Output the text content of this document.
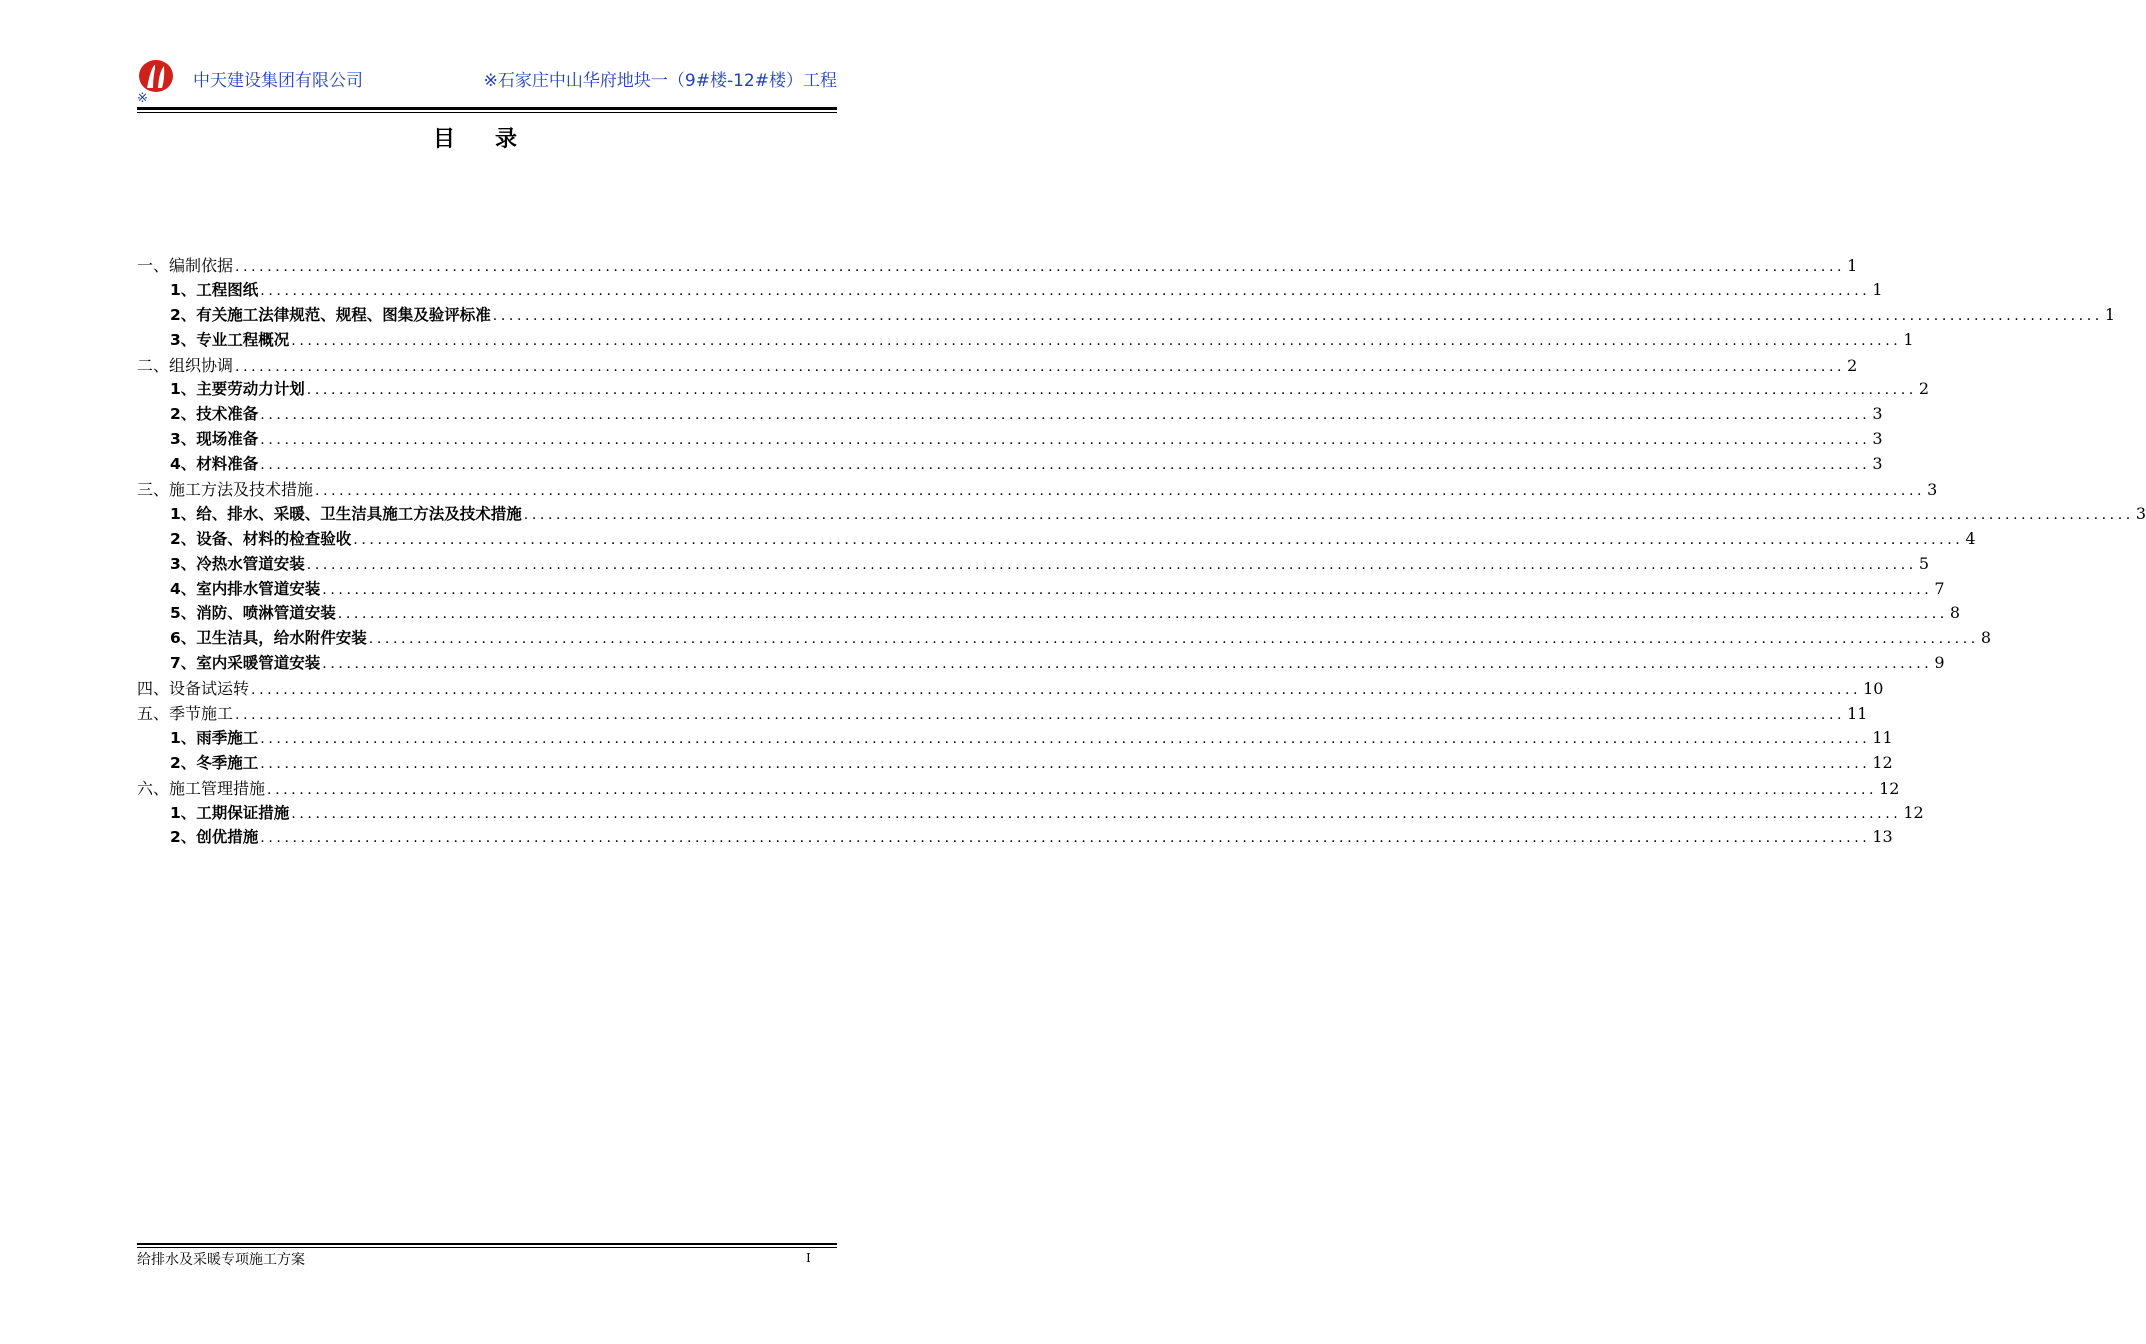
中天建设集团有限公司	※石家庄中山华府地块一（9#楼-12#楼）工程
※
目录
一、编制依据 ........................................................................................................................................................................................................ 1
1、工程图纸 ........................................................................................................................................................................................................ 1
2、有关施工法律规范、规程、图集及验评标准 ........................................................................................................................................................................................................ 1
3、专业工程概况 ........................................................................................................................................................................................................ 1
二、组织协调 ........................................................................................................................................................................................................ 2
1、主要劳动力计划 ........................................................................................................................................................................................................ 2
2、技术准备 ........................................................................................................................................................................................................ 3
3、现场准备 ........................................................................................................................................................................................................ 3
4、材料准备 ........................................................................................................................................................................................................ 3
三、施工方法及技术措施 ........................................................................................................................................................................................................ 3
1、给、排水、采暖、卫生洁具施工方法及技术措施 ........................................................................................................................................................................................................ 3
2、设备、材料的检查验收 ........................................................................................................................................................................................................ 4
3、冷热水管道安装 ........................................................................................................................................................................................................ 5
4、室内排水管道安装 ........................................................................................................................................................................................................ 7
5、消防、喷淋管道安装 ........................................................................................................................................................................................................ 8
6、卫生洁具，给水附件安装 ........................................................................................................................................................................................................ 8
7、室内采暖管道安装 ........................................................................................................................................................................................................ 9
四、设备试运转 ........................................................................................................................................................................................................ 10
五、季节施工 ........................................................................................................................................................................................................ 11
1、雨季施工 ........................................................................................................................................................................................................ 11
2、冬季施工 ........................................................................................................................................................................................................ 12
六、施工管理措施 ........................................................................................................................................................................................................ 12
1、工期保证措施 ........................................................................................................................................................................................................ 12
2、创优措施 ........................................................................................................................................................................................................ 13
给排水及采暖专项施工方案	I
